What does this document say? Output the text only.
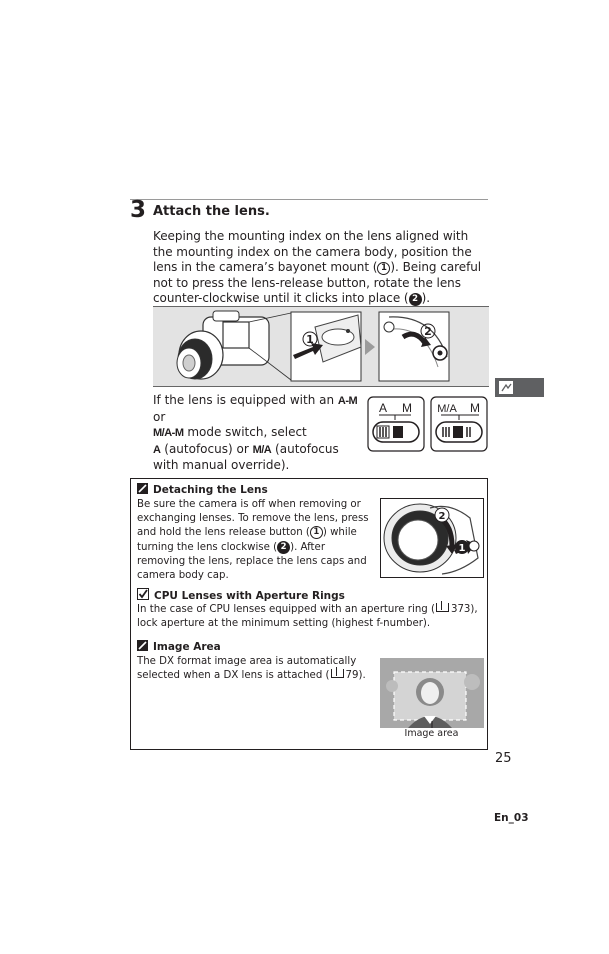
3 Attach the lens.
Keeping the mounting index on the lens aligned with the mounting index on the camera body, position the lens in the camera’s bayonet mount ( 1 ). Being careful not to press the lens-release button, rotate the lens counter-clockwise until it clicks into place ( 2 ).
1
2
If the lens is equipped with an A-M or
M/A-M mode switch, select
A (autofocus) or M/A (autofocus with manual override).
A M M/A M
Detaching the Lens
Be sure the camera is off when removing or exchanging lenses. To remove the lens, press and hold the lens release button ( 1 ) while turning the lens clockwise ( 2 ). After removing the lens, replace the lens caps and camera body cap.
2
1
CPU Lenses with Aperture Rings
In the case of CPU lenses equipped with an aperture ring ( 373), lock aperture at the minimum setting (highest f-number).
Image Area
The DX format image area is automatically selected when a DX lens is attached ( 79).
Image area
25
En_03
